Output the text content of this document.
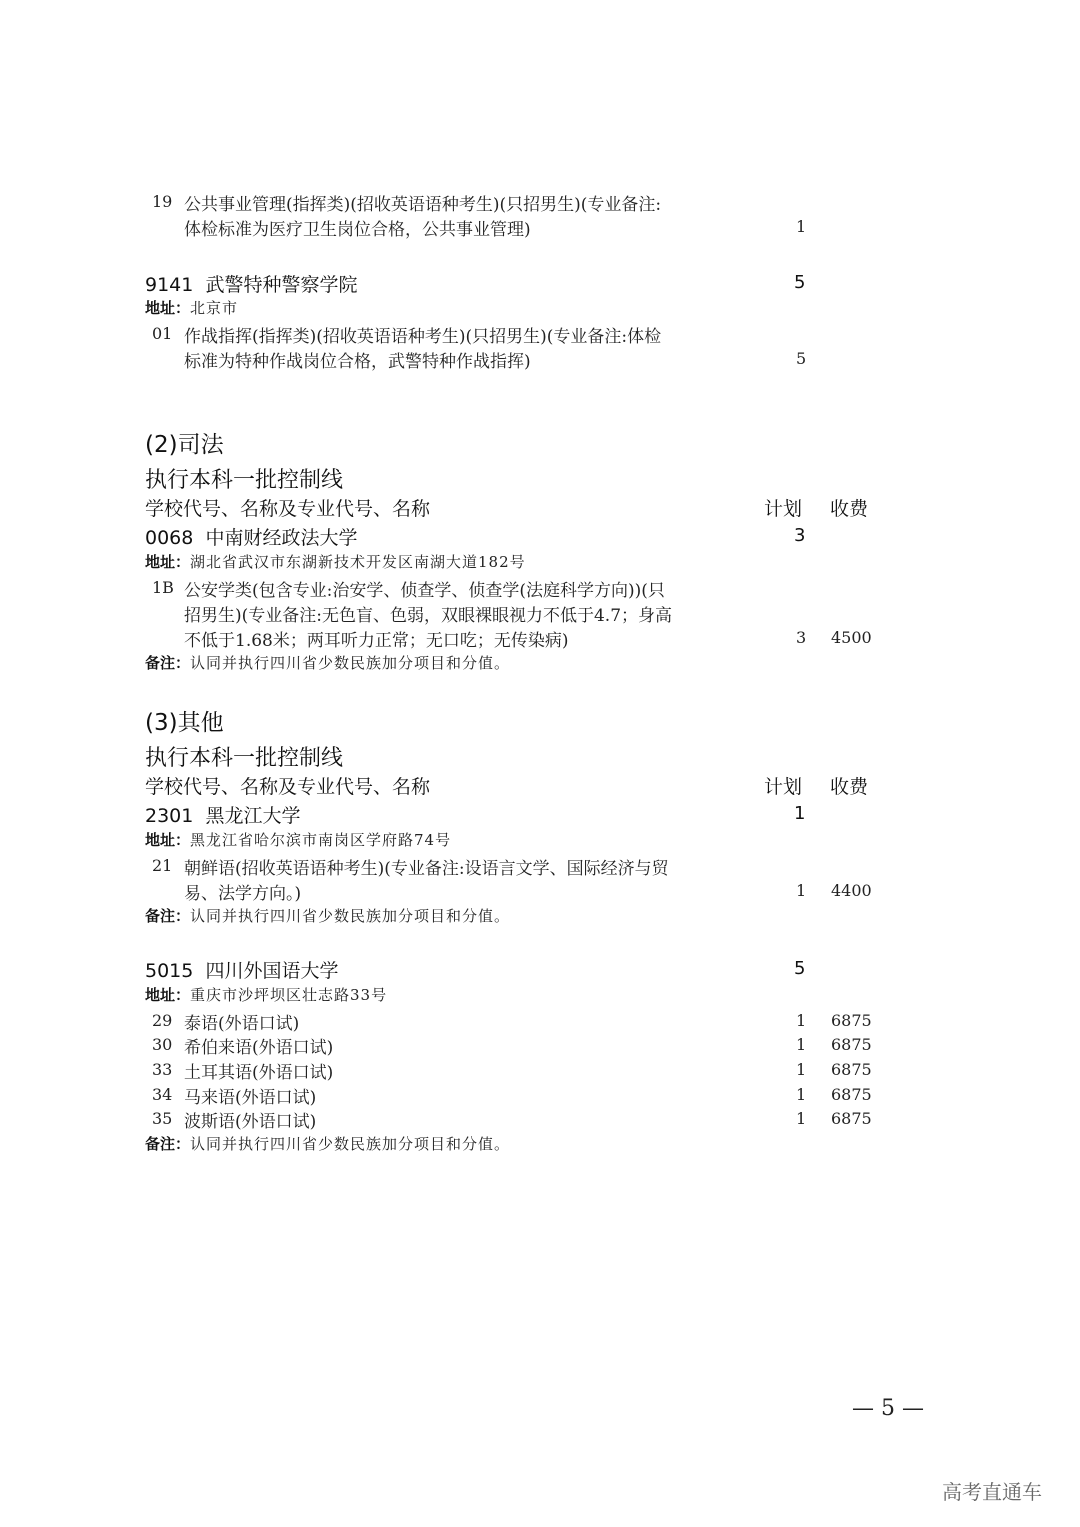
19 公共事业管理(指挥类)(招收英语语种考生)(只招男生)(专业备注:
体检标准为医疗卫生岗位合格，公共事业管理)	1
9141 武警特种警察学院	5
地址：北京市
01 作战指挥(指挥类)(招收英语语种考生)(只招男生)(专业备注:体检
标准为特种作战岗位合格，武警特种作战指挥)	5
(2)司法
执行本科一批控制线
学校代号、名称及专业代号、名称	计划 收费
0068 中南财经政法大学	3
地址：湖北省武汉市东湖新技术开发区南湖大道182号
1B 公安学类(包含专业:治安学、侦查学、侦查学(法庭科学方向))(只
招男生)(专业备注:无色盲、色弱，双眼裸眼视力不低于4.7；身高
不低于1.68米；两耳听力正常；无口吃；无传染病)	3 4500
备注：认同并执行四川省少数民族加分项目和分值。
(3)其他
执行本科一批控制线
学校代号、名称及专业代号、名称	计划 收费
2301 黑龙江大学	1
地址：黑龙江省哈尔滨市南岗区学府路74号
21 朝鲜语(招收英语语种考生)(专业备注:设语言文学、国际经济与贸
易、法学方向。)	1 4400
备注：认同并执行四川省少数民族加分项目和分值。
5015 四川外国语大学	5
地址：重庆市沙坪坝区壮志路33号
29 泰语(外语口试)	1 6875
30 希伯来语(外语口试)	1 6875
33 土耳其语(外语口试)	1 6875
34 马来语(外语口试)	1 6875
35 波斯语(外语口试)	1 6875
备注：认同并执行四川省少数民族加分项目和分值。
— 5 —
高考直通车
